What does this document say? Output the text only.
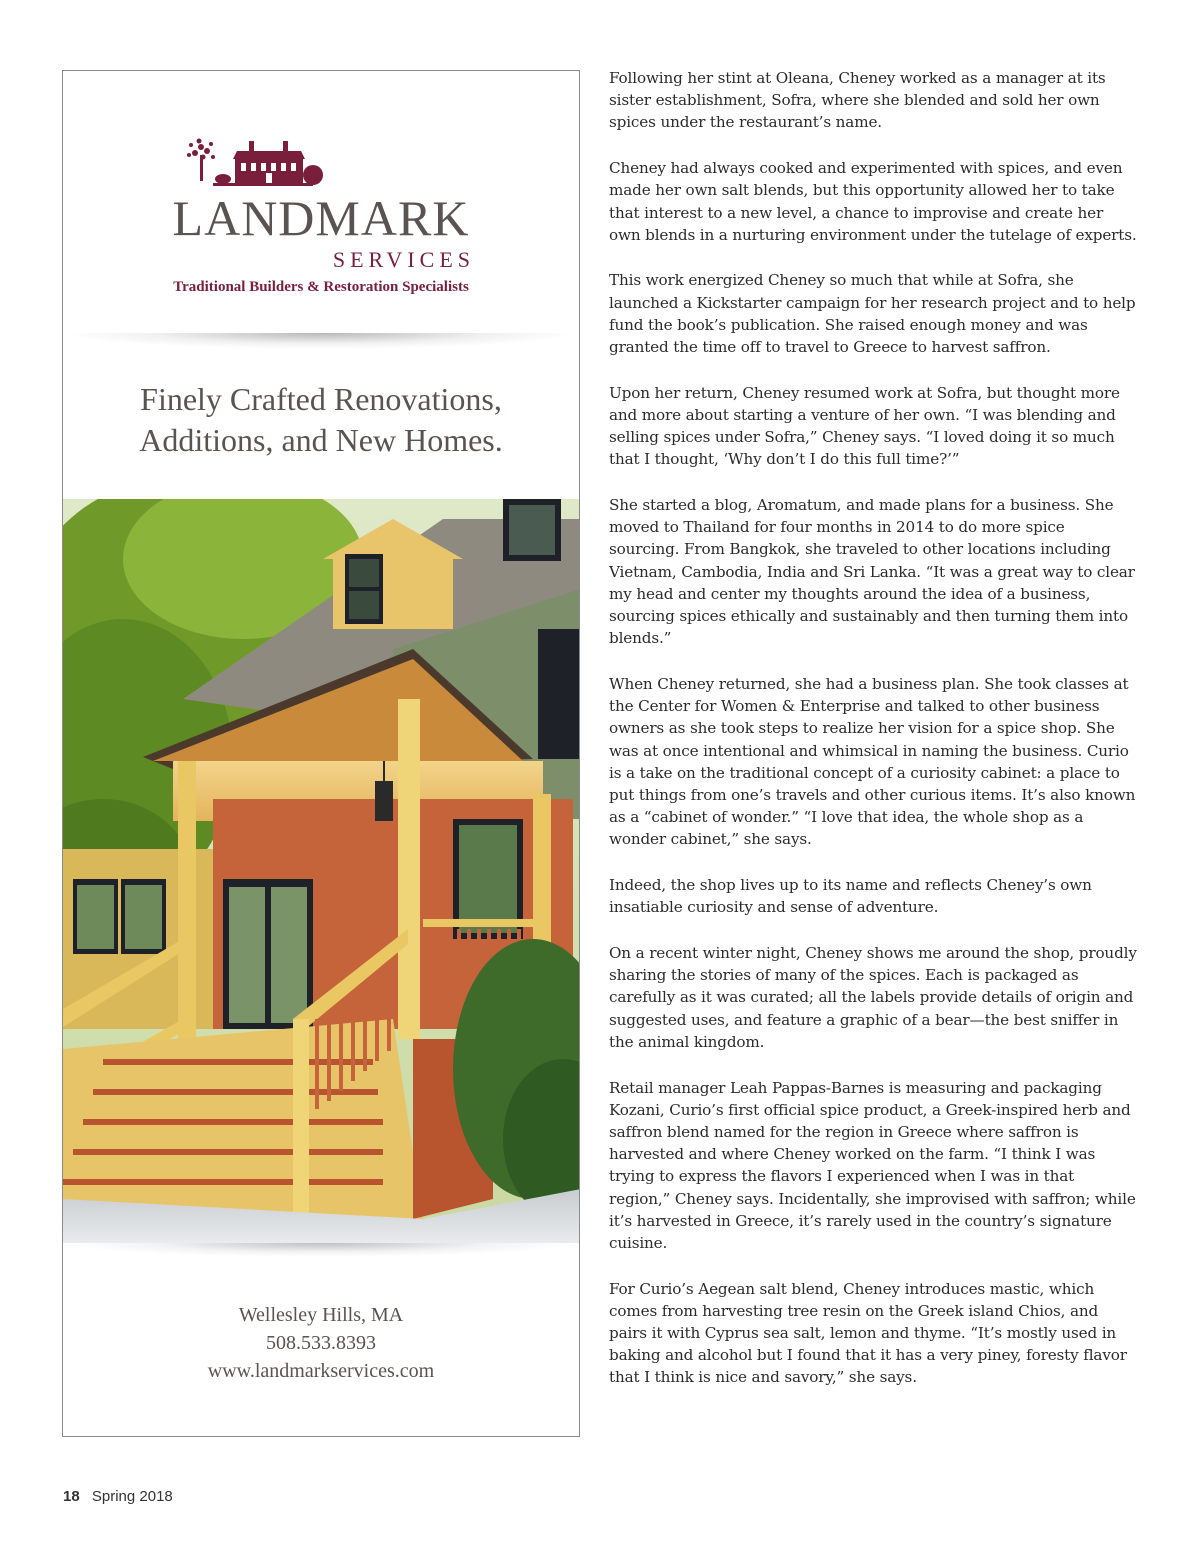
LANDMARK
SERVICES
Traditional Builders & Restoration Specialists
Finely Crafted Renovations,
Additions, and New Homes.
Wellesley Hills, MA
508.533.8393
www.landmarkservices.com

Following her stint at Oleana, Cheney worked as a manager at its sister establishment, Sofra, where she blended and sold her own spices under the restaurant’s name.

Cheney had always cooked and experimented with spices, and even made her own salt blends, but this opportunity allowed her to take that interest to a new level, a chance to improvise and create her own blends in a nurturing environment under the tutelage of experts.

This work energized Cheney so much that while at Sofra, she launched a Kickstarter campaign for her research project and to help fund the book’s publication. She raised enough money and was granted the time off to travel to Greece to harvest saffron.

Upon her return, Cheney resumed work at Sofra, but thought more and more about starting a venture of her own. “I was blending and selling spices under Sofra,” Cheney says. “I loved doing it so much that I thought, ‘Why don’t I do this full time?’”

She started a blog, Aromatum, and made plans for a business. She moved to Thailand for four months in 2014 to do more spice sourcing. From Bangkok, she traveled to other locations including Vietnam, Cambodia, India and Sri Lanka. “It was a great way to clear my head and center my thoughts around the idea of a business, sourcing spices ethically and sustainably and then turning them into blends.”

When Cheney returned, she had a business plan. She took classes at the Center for Women & Enterprise and talked to other business owners as she took steps to realize her vision for a spice shop. She was at once intentional and whimsical in naming the business. Curio is a take on the traditional concept of a curiosity cabinet: a place to put things from one’s travels and other curious items. It’s also known as a “cabinet of wonder.” “I love that idea, the whole shop as a wonder cabinet,” she says.

Indeed, the shop lives up to its name and reflects Cheney’s own insatiable curiosity and sense of adventure.

On a recent winter night, Cheney shows me around the shop, proudly sharing the stories of many of the spices. Each is packaged as carefully as it was curated; all the labels provide details of origin and suggested uses, and feature a graphic of a bear—the best sniffer in the animal kingdom.

Retail manager Leah Pappas-Barnes is measuring and packaging Kozani, Curio’s first official spice product, a Greek-inspired herb and saffron blend named for the region in Greece where saffron is harvested and where Cheney worked on the farm. “I think I was trying to express the flavors I experienced when I was in that region,” Cheney says. Incidentally, she improvised with saffron; while it’s harvested in Greece, it’s rarely used in the country’s signature cuisine.

For Curio’s Aegean salt blend, Cheney introduces mastic, which comes from harvesting tree resin on the Greek island Chios, and pairs it with Cyprus sea salt, lemon and thyme. “It’s mostly used in baking and alcohol but I found that it has a very piney, foresty flavor that I think is nice and savory,” she says.

18 Spring 2018
